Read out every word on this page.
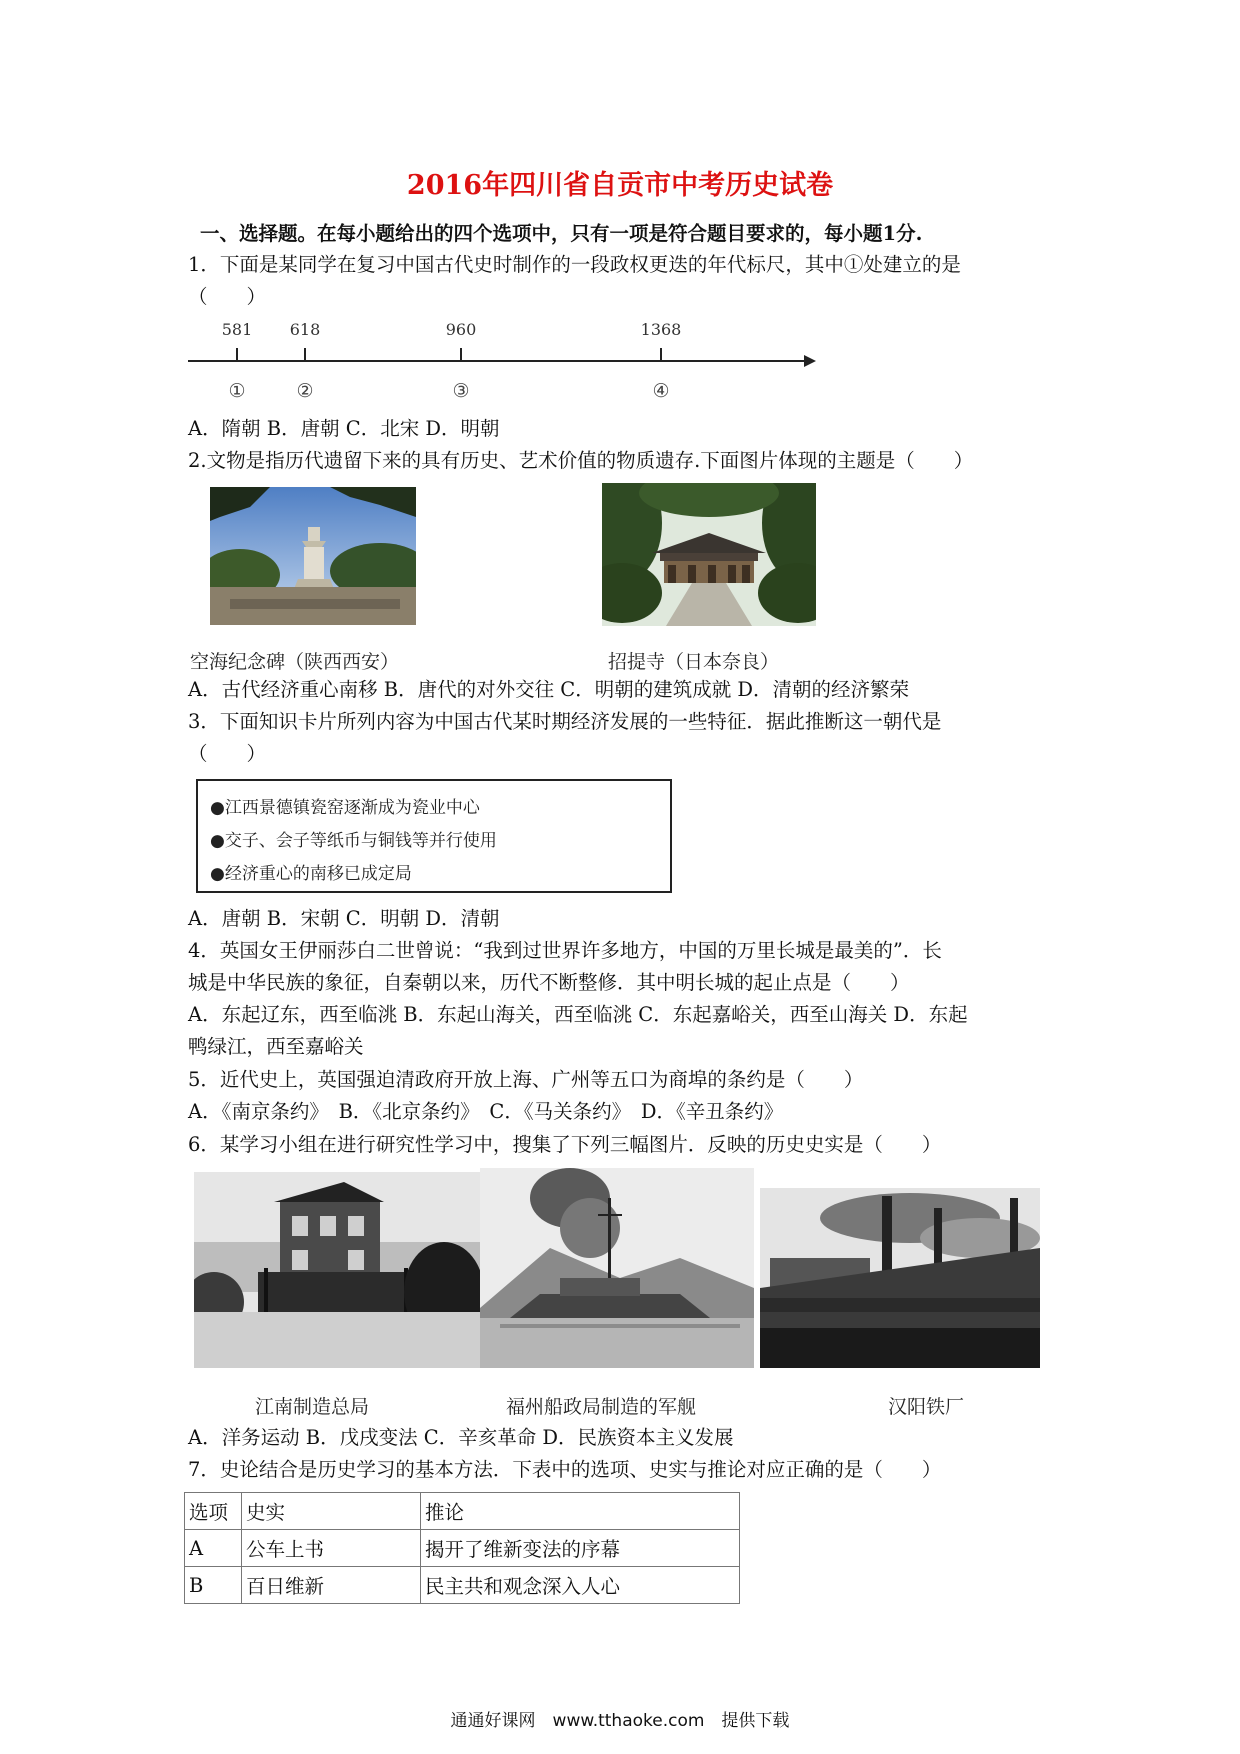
2016年四川省自贡市中考历史试卷
一、选择题。在每小题给出的四个选项中，只有一项是符合题目要求的，每小题1分.
1．下面是某同学在复习中国古代史时制作的一段政权更迭的年代标尺，其中①处建立的是
（　　）
581 618	960	1368
①	②	③	④
A．隋朝 B．唐朝 C．北宋 D．明朝
2.文物是指历代遗留下来的具有历史、艺术价值的物质遗存.下面图片体现的主题是（　　）
空海纪念碑（陕西西安）	招提寺（日本奈良）
A．古代经济重心南移 B．唐代的对外交往 C．明朝的建筑成就 D．清朝的经济繁荣
3．下面知识卡片所列内容为中国古代某时期经济发展的一些特征．据此推断这一朝代是
（　　）
●江西景德镇瓷窑逐渐成为瓷业中心
●交子、会子等纸币与铜钱等并行使用
●经济重心的南移已成定局
A．唐朝 B．宋朝 C．明朝 D．清朝
4．英国女王伊丽莎白二世曾说：“我到过世界许多地方，中国的万里长城是最美的”．长
城是中华民族的象征，自秦朝以来，历代不断整修．其中明长城的起止点是（　　）
A．东起辽东，西至临洮 B．东起山海关，西至临洮 C．东起嘉峪关，西至山海关 D．东起
鸭绿江，西至嘉峪关
5．近代史上，英国强迫清政府开放上海、广州等五口为商埠的条约是（　　）
A．《南京条约》　B．《北京条约》　C．《马关条约》　D．《辛丑条约》
6．某学习小组在进行研究性学习中，搜集了下列三幅图片．反映的历史史实是（　　）
江南制造总局	福州船政局制造的军舰	汉阳铁厂
A．洋务运动 B．戊戌变法 C．辛亥革命 D．民族资本主义发展
7．史论结合是历史学习的基本方法．下表中的选项、史实与推论对应正确的是（　　）
选项	史实	推论
A	公车上书	揭开了维新变法的序幕
B	百日维新	民主共和观念深入人心
通通好课网　www.tthaoke.com　提供下载
